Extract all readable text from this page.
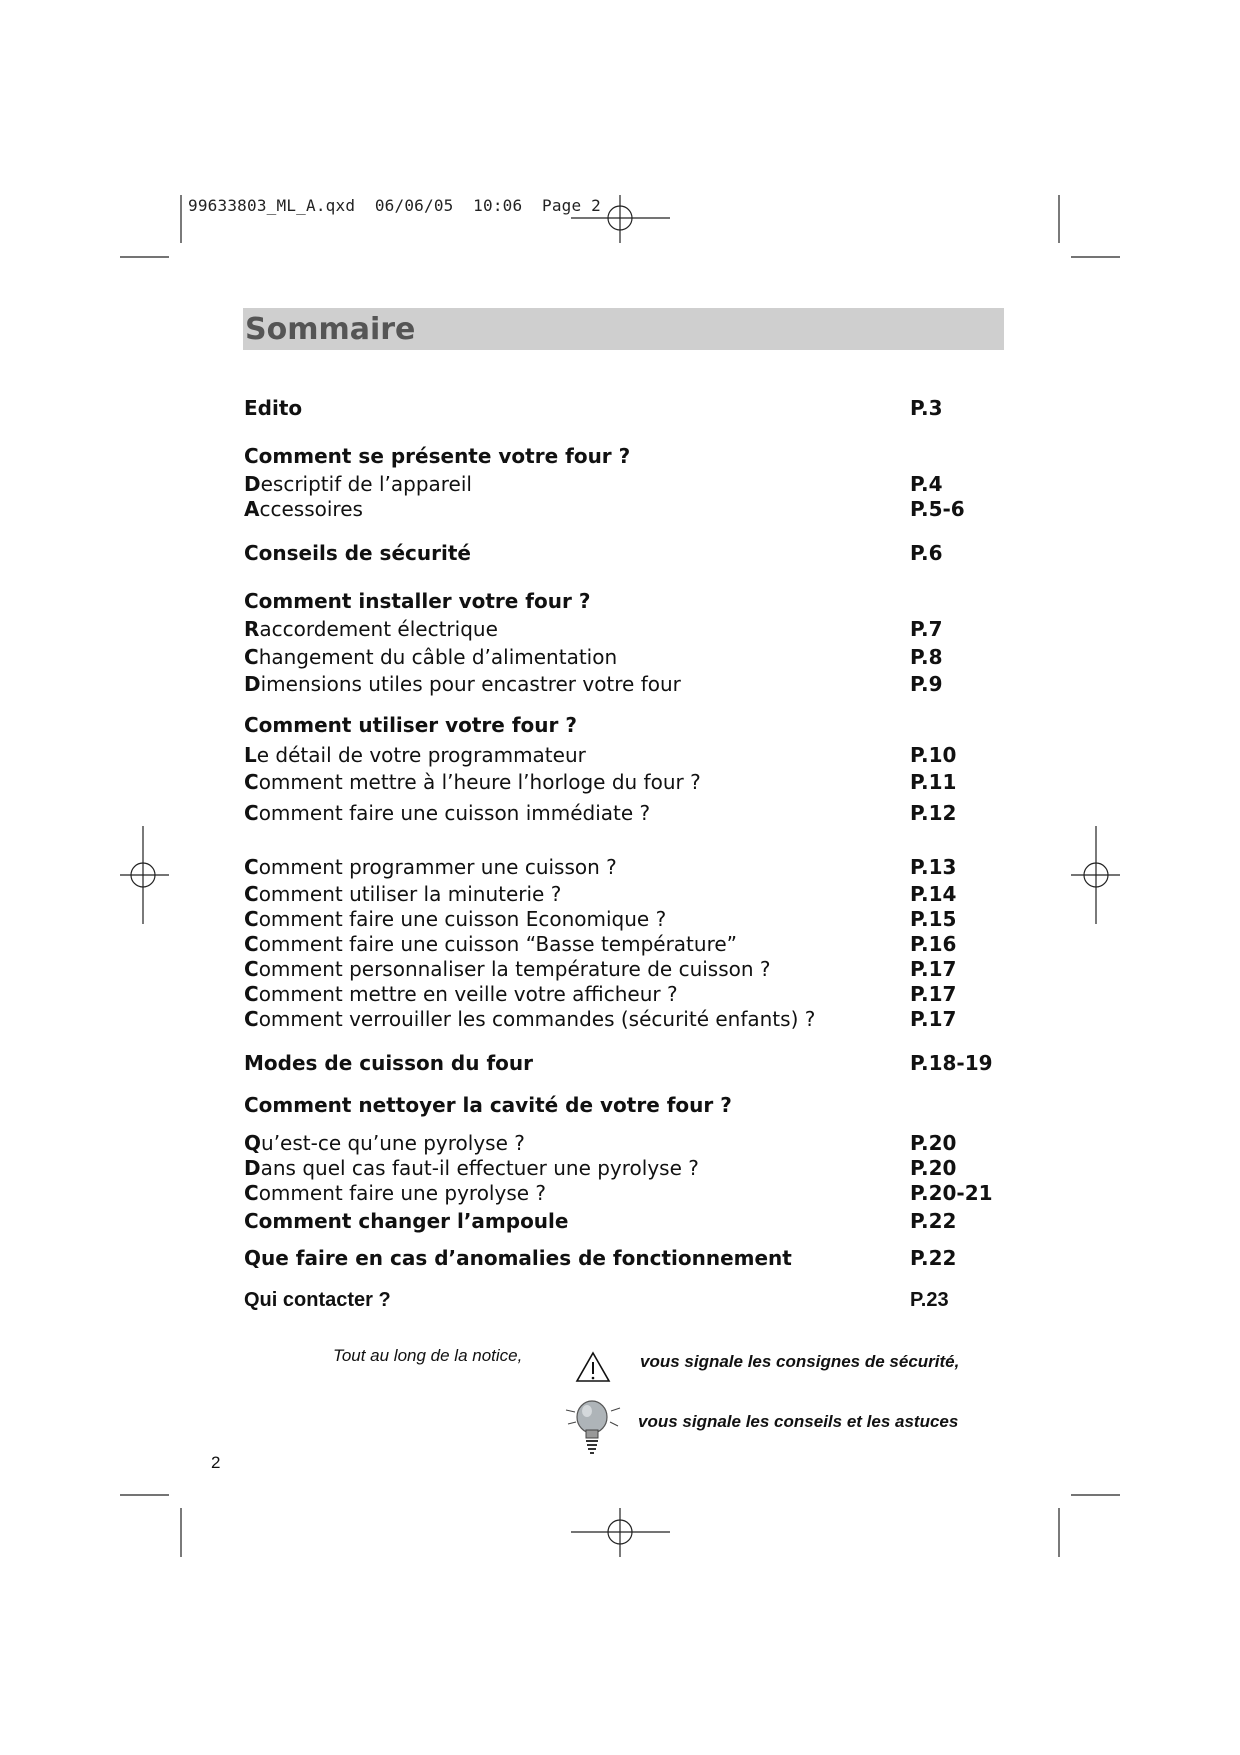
99633803_ML_A.qxd  06/06/05  10:06  Page 2
Sommaire
Edito	P.3
Comment se présente votre four ?
Descriptif de l’appareil	P.4
Accessoires	P.5-6
Conseils de sécurité	P.6
Comment installer votre four ?
Raccordement électrique	P.7
Changement du câble d’alimentation	P.8
Dimensions utiles pour encastrer votre four	P.9
Comment utiliser votre four ?
Le détail de votre programmateur	P.10
Comment mettre à l’heure l’horloge du four ?	P.11
Comment faire une cuisson immédiate ?	P.12
Comment programmer une cuisson ?	P.13
Comment utiliser la minuterie ?	P.14
Comment faire une cuisson Economique ?	P.15
Comment faire une cuisson “Basse température”	P.16
Comment personnaliser la température de cuisson ?	P.17
Comment mettre en veille votre afficheur ?	P.17
Comment verrouiller les commandes (sécurité enfants) ?	P.17
Modes de cuisson du four	P.18-19
Comment nettoyer la cavité de votre four ?
Qu’est-ce qu’une pyrolyse ?	P.20
Dans quel cas faut-il effectuer une pyrolyse ?	P.20
Comment faire une pyrolyse ?	P.20-21
Comment changer l’ampoule	P.22
Que faire en cas d’anomalies de fonctionnement	P.22
Qui contacter ?	P.23
Tout au long de la notice,	vous signale les consignes de sécurité,
vous signale les conseils et les astuces
2
